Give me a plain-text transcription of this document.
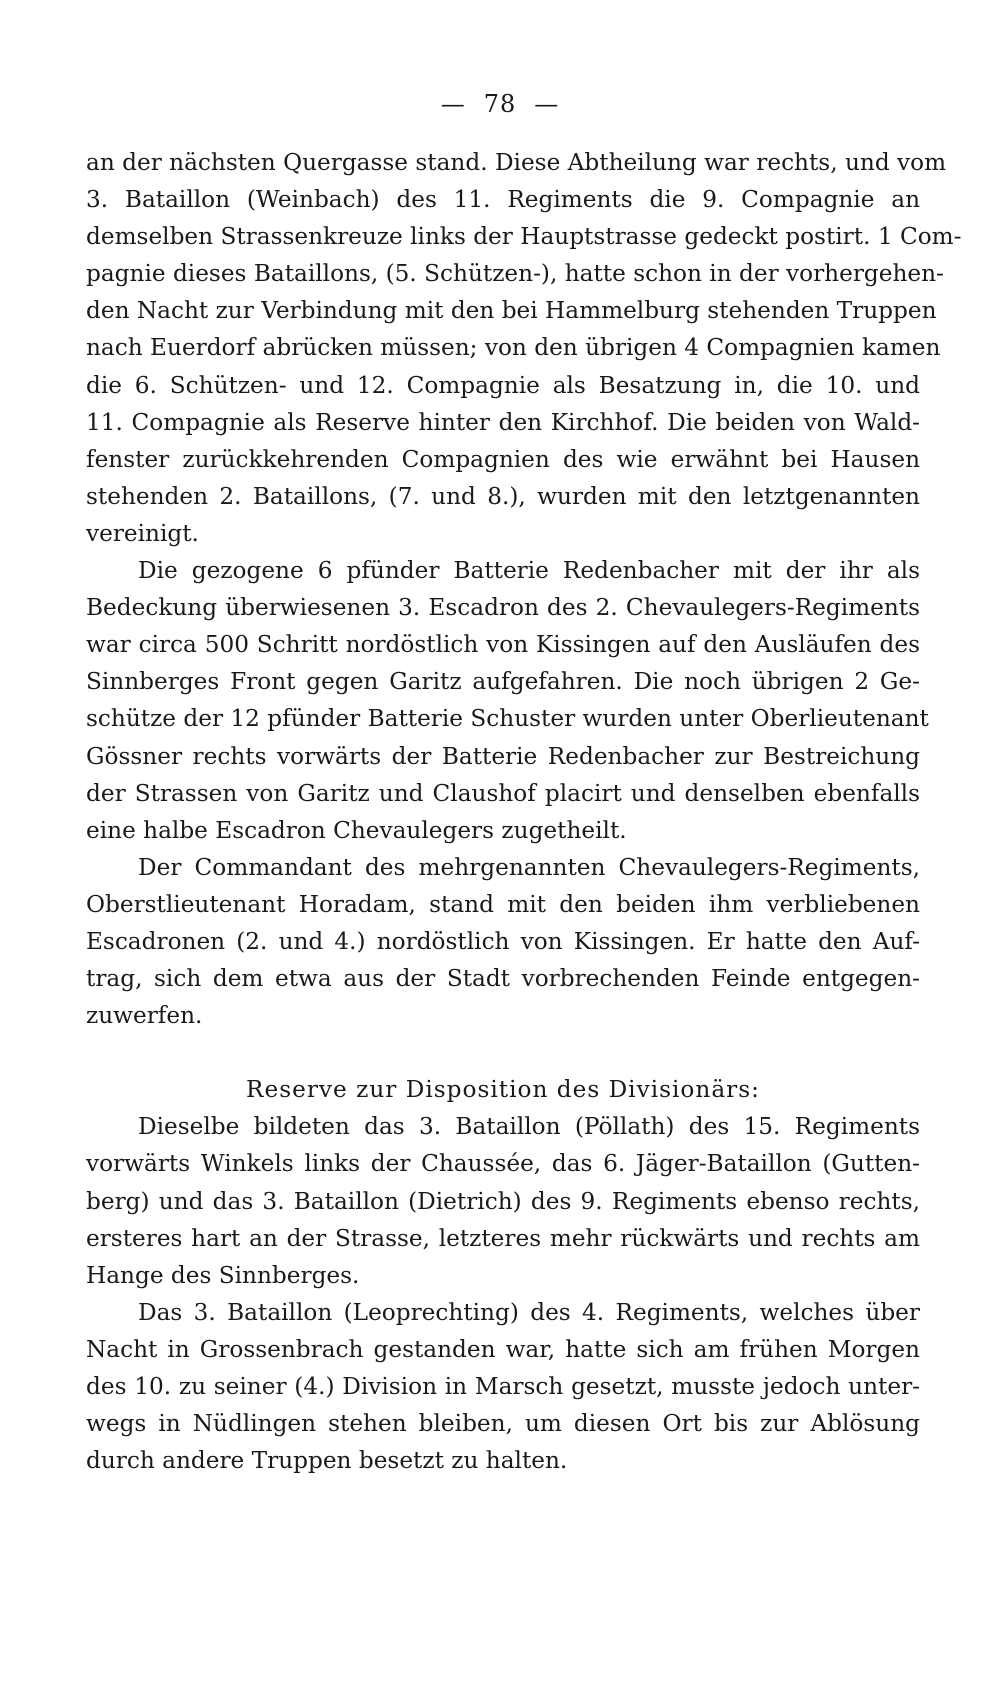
— 78 —
an der nächsten Quergasse stand. Diese Abtheilung war rechts, und vom
3. Bataillon (Weinbach) des 11. Regiments die 9. Compagnie an
demselben Strassenkreuze links der Hauptstrasse gedeckt postirt. 1 Com-
pagnie dieses Bataillons, (5. Schützen-), hatte schon in der vorhergehen-
den Nacht zur Verbindung mit den bei Hammelburg stehenden Truppen
nach Euerdorf abrücken müssen; von den übrigen 4 Compagnien kamen
die 6. Schützen- und 12. Compagnie als Besatzung in, die 10. und
11. Compagnie als Reserve hinter den Kirchhof. Die beiden von Wald-
fenster zurückkehrenden Compagnien des wie erwähnt bei Hausen
stehenden 2. Bataillons, (7. und 8.), wurden mit den letztgenannten
vereinigt.
Die gezogene 6 pfünder Batterie Redenbacher mit der ihr als
Bedeckung überwiesenen 3. Escadron des 2. Chevaulegers-Regiments
war circa 500 Schritt nordöstlich von Kissingen auf den Ausläufen des
Sinnberges Front gegen Garitz aufgefahren. Die noch übrigen 2 Ge-
schütze der 12 pfünder Batterie Schuster wurden unter Oberlieutenant
Gössner rechts vorwärts der Batterie Redenbacher zur Bestreichung
der Strassen von Garitz und Claushof placirt und denselben ebenfalls
eine halbe Escadron Chevaulegers zugetheilt.
Der Commandant des mehrgenannten Chevaulegers-Regiments,
Oberstlieutenant Horadam, stand mit den beiden ihm verbliebenen
Escadronen (2. und 4.) nordöstlich von Kissingen. Er hatte den Auf-
trag, sich dem etwa aus der Stadt vorbrechenden Feinde entgegen-
zuwerfen.
Reserve zur Disposition des Divisionärs:
Dieselbe bildeten das 3. Bataillon (Pöllath) des 15. Regiments
vorwärts Winkels links der Chaussée, das 6. Jäger-Bataillon (Gutten-
berg) und das 3. Bataillon (Dietrich) des 9. Regiments ebenso rechts,
ersteres hart an der Strasse, letzteres mehr rückwärts und rechts am
Hange des Sinnberges.
Das 3. Bataillon (Leoprechting) des 4. Regiments, welches über
Nacht in Grossenbrach gestanden war, hatte sich am frühen Morgen
des 10. zu seiner (4.) Division in Marsch gesetzt, musste jedoch unter-
wegs in Nüdlingen stehen bleiben, um diesen Ort bis zur Ablösung
durch andere Truppen besetzt zu halten.
